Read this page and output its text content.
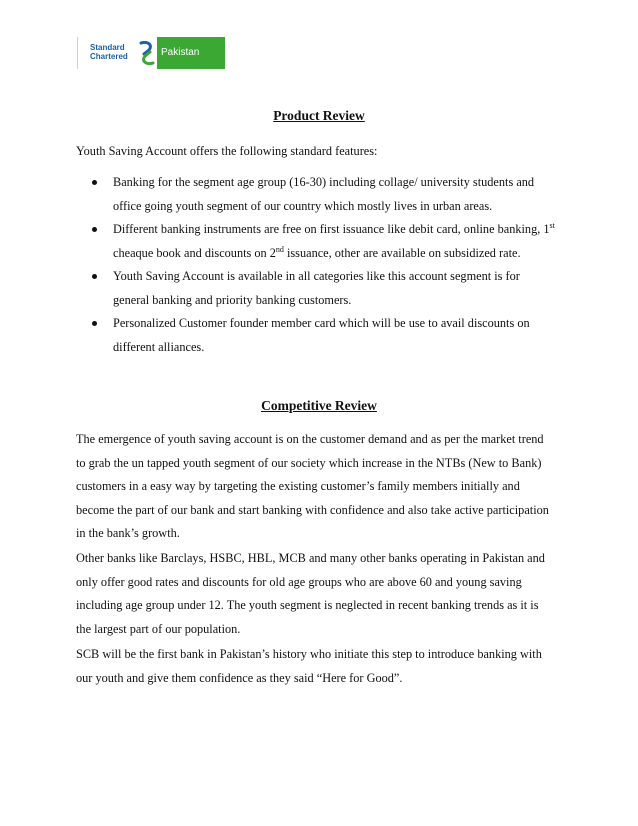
Standard
Chartered	Pakistan
Product Review
Youth Saving Account offers the following standard features:
Banking for the segment age group (16-30) including collage/ university students and
office going youth segment of our country which mostly lives in urban areas.
Different banking instruments are free on first issuance like debit card, online banking, 1st
cheaque book and discounts on 2nd issuance, other are available on subsidized rate.
Youth Saving Account is available in all categories like this account segment is for
general banking and priority banking customers.
Personalized Customer founder member card which will be use to avail discounts on
different alliances.
Competitive Review
The emergence of youth saving account is on the customer demand and as per the market trend
to grab the un tapped youth segment of our society which increase in the NTBs (New to Bank)
customers in a easy way by targeting the existing customer’s family members initially and
become the part of our bank and start banking with confidence and also take active participation
in the bank’s growth.
Other banks like Barclays, HSBC, HBL, MCB and many other banks operating in Pakistan and
only offer good rates and discounts for old age groups who are above 60 and young saving
including age group under 12. The youth segment is neglected in recent banking trends as it is
the largest part of our population.
SCB will be the first bank in Pakistan’s history who initiate this step to introduce banking with
our youth and give them confidence as they said “Here for Good”.
